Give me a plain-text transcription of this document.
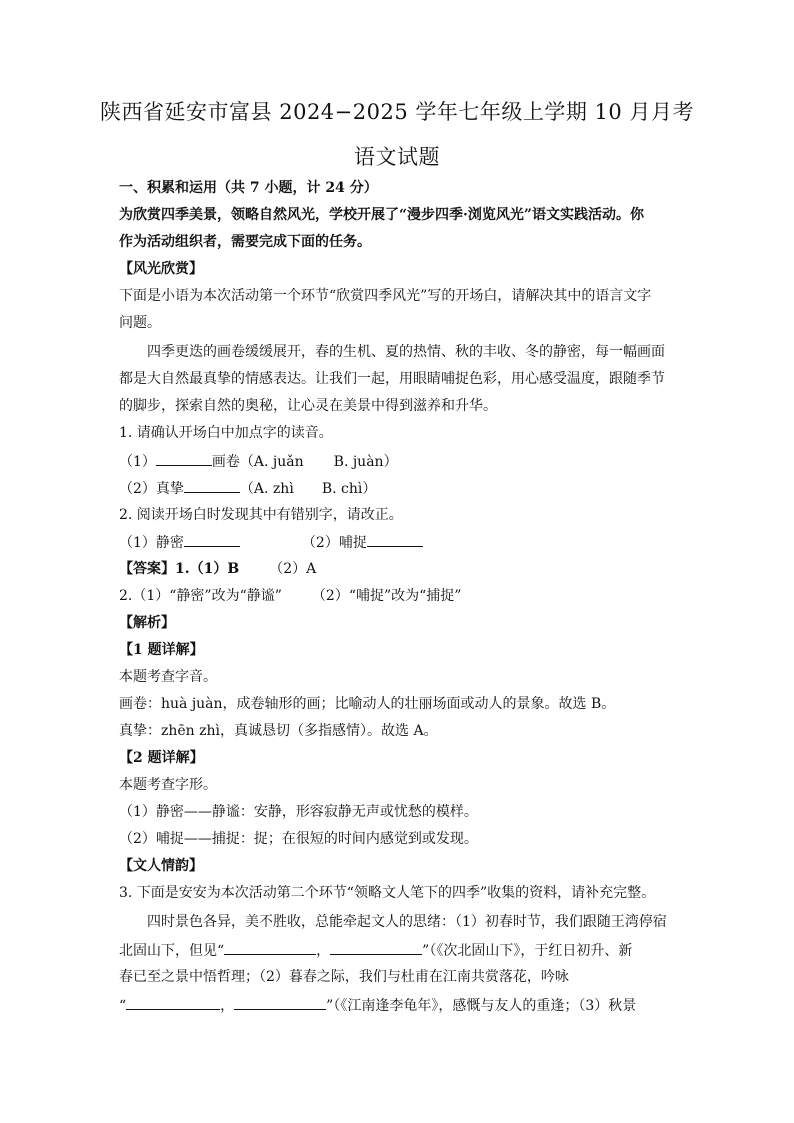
陕西省延安市富县 2024−2025 学年七年级上学期 10 月月考
语文试题
一、积累和运用（共 7 小题，计 24 分）
为欣赏四季美景，领略自然风光，学校开展了“漫步四季·浏览风光”语文实践活动。你
作为活动组织者，需要完成下面的任务。
【风光欣赏】
下面是小语为本次活动第一个环节“欣赏四季风光”写的开场白，请解决其中的语言文字
问题。
四季更迭的画卷缓缓展开，春的生机、夏的热情、秋的丰收、冬的静密，每一幅画面
都是大自然最真挚的情感表达。让我们一起，用眼睛哺捉色彩，用心感受温度，跟随季节
的脚步，探索自然的奥秘，让心灵在美景中得到滋养和升华。
1. 请确认开场白中加点字的读音。
（1）	画卷（A. juǎn B. juàn）
（2）真挚	（A. zhì B. chì）
2. 阅读开场白时发现其中有错别字，请改正。
（1）静密	（2）哺捉
【答案】1.（1）B （2）A
2.（1）“静密”改为“静谧” （2）“哺捉”改为“捕捉”
【解析】
【1 题详解】
本题考查字音。
画卷：huà juàn，成卷轴形的画；比喻动人的壮丽场面或动人的景象。故选 B。
真挚：zhēn zhì，真诚恳切（多指感情）。故选 A。
【2 题详解】
本题考查字形。
（1）静密——静谧：安静，形容寂静无声或忧愁的模样。
（2）哺捉——捕捉：捉；在很短的时间内感觉到或发现。
【文人情韵】
3. 下面是安安为本次活动第二个环节“领略文人笔下的四季”收集的资料，请补充完整。
四时景色各异，美不胜收，总能牵起文人的思绪：（1）初春时节，我们跟随王湾停宿
北固山下，但见“	，	”（《次北固山下》，于红日初升、新
春已至之景中悟哲理；（2）暮春之际，我们与杜甫在江南共赏落花，吟咏
“	，	”（《江南逢李龟年》，感慨与友人的重逢；（3）秋景
